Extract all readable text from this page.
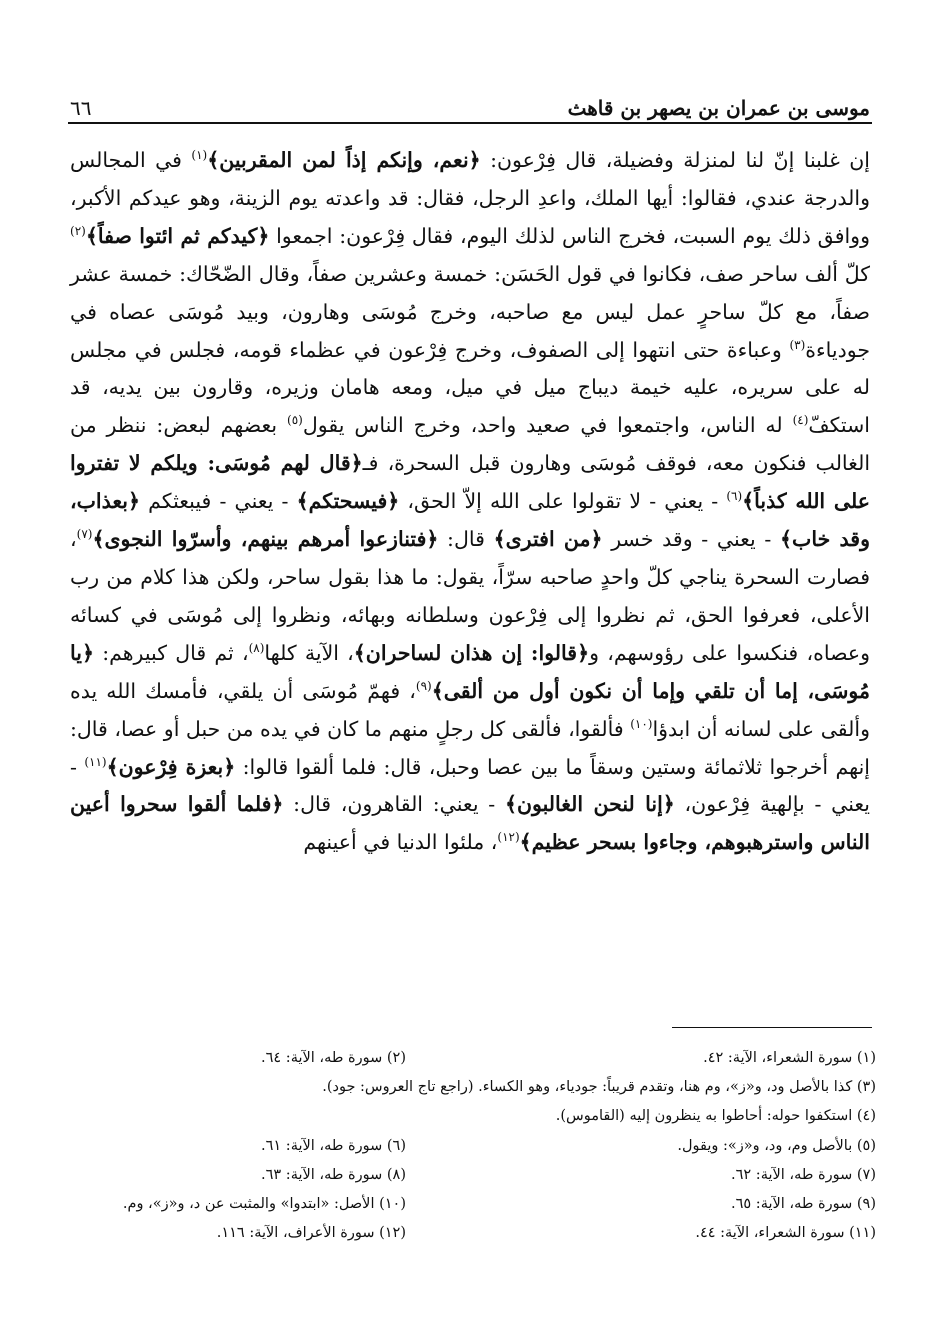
موسى بن عمران بن يصهر بن قاهث
٦٦

إن غلبنا إنّ لنا لمنزلة وفضيلة، قال فِرْعون: ﴿نعم، وإنكم إذاً لمن المقربين﴾$^{(١)}$ في المجالس والدرجة عندي، فقالوا: أيها الملك، واعدِ الرجل، فقال: قد واعدته يوم الزينة، وهو عيدكم الأكبر، ووافق ذلك يوم السبت، فخرج الناس لذلك اليوم، فقال فِرْعون: اجمعوا ﴿كيدكم ثم ائتوا صفاً﴾$^{(٢)}$ كلّ ألف ساحر صف، فكانوا في قول الحَسَن: خمسة وعشرين صفاً، وقال الضّحّاك: خمسة عشر صفاً، مع كلّ ساحرٍ عمل ليس مع صاحبه، وخرج مُوسَى وهارون، وبيد مُوسَى عصاه في جودياءة$^{(٣)}$ وعباءة حتى انتهوا إلى الصفوف، وخرج فِرْعون في عظماء قومه، فجلس في مجلس له على سريره، عليه خيمة ديباج ميل في ميل، ومعه هامان وزيره، وقارون بين يديه، قد استكفّ$^{(٤)}$ له الناس، واجتمعوا في صعيد واحد، وخرج الناس يقول$^{(٥)}$ بعضهم لبعض: ننظر من الغالب فنكون معه، فوقف مُوسَى وهارون قبل السحرة، فـ﴿قال لهم مُوسَى: ويلكم لا تفتروا على الله كذباً﴾$^{(٦)}$ - يعني - لا تقولوا على الله إلاّ الحق، ﴿فيسحتكم﴾ - يعني - فيبعثكم ﴿بعذاب، وقد خاب﴾ - يعني - وقد خسر ﴿من افترى﴾ قال: ﴿فتنازعوا أمرهم بينهم، وأسرّوا النجوى﴾$^{(٧)}$، فصارت السحرة يناجي كلّ واحدٍ صاحبه سرّاً، يقول: ما هذا بقول ساحر، ولكن هذا كلام من رب الأعلى، فعرفوا الحق، ثم نظروا إلى فِرْعون وسلطانه وبهائه، ونظروا إلى مُوسَى في كسائه وعصاه، فنكسوا على رؤوسهم، و﴿قالوا: إن هذان لساحران﴾، الآية كلها$^{(٨)}$، ثم قال كبيرهم: ﴿يا مُوسَى، إما أن تلقي وإما أن نكون أول من ألقى﴾$^{(٩)}$، فهمّ مُوسَى أن يلقي، فأمسك الله يده وألقى على لسانه أن ابدؤا$^{(١٠)}$ فألقوا، فألقى كل رجلٍ منهم ما كان في يده من حبل أو عصا، قال: إنهم أخرجوا ثلاثمائة وستين وسقاً ما بين عصا وحبل، قال: فلما ألقوا قالوا: ﴿بعزة فِرْعون﴾$^{(١١)}$ - يعني - بإلهية فِرْعون، ﴿إنا لنحن الغالبون﴾ - يعني: القاهرون، قال: ﴿فلما ألقوا سحروا أعين الناس واسترهبوهم، وجاءوا بسحر عظيم﴾$^{(١٢)}$، ملئوا الدنيا في أعينهم

(١) سورة الشعراء، الآية: ٤٢.
(٢) سورة طه، الآية: ٦٤.
(٣) كذا بالأصل ود، و«ز»، وم هنا، وتقدم قريباً: جودياء، وهو الكساء. (راجع تاج العروس: جود).
(٤) استكفوا حوله: أحاطوا به ينظرون إليه (القاموس).
(٥) بالأصل وم، ود، و«ز»: ويقول.
(٦) سورة طه، الآية: ٦١.
(٧) سورة طه، الآية: ٦٢.
(٨) سورة طه، الآية: ٦٣.
(٩) سورة طه، الآية: ٦٥.
(١٠) الأصل: «ابتدوا» والمثبت عن د، و«ز»، وم.
(١١) سورة الشعراء، الآية: ٤٤.
(١٢) سورة الأعراف، الآية: ١١٦.
